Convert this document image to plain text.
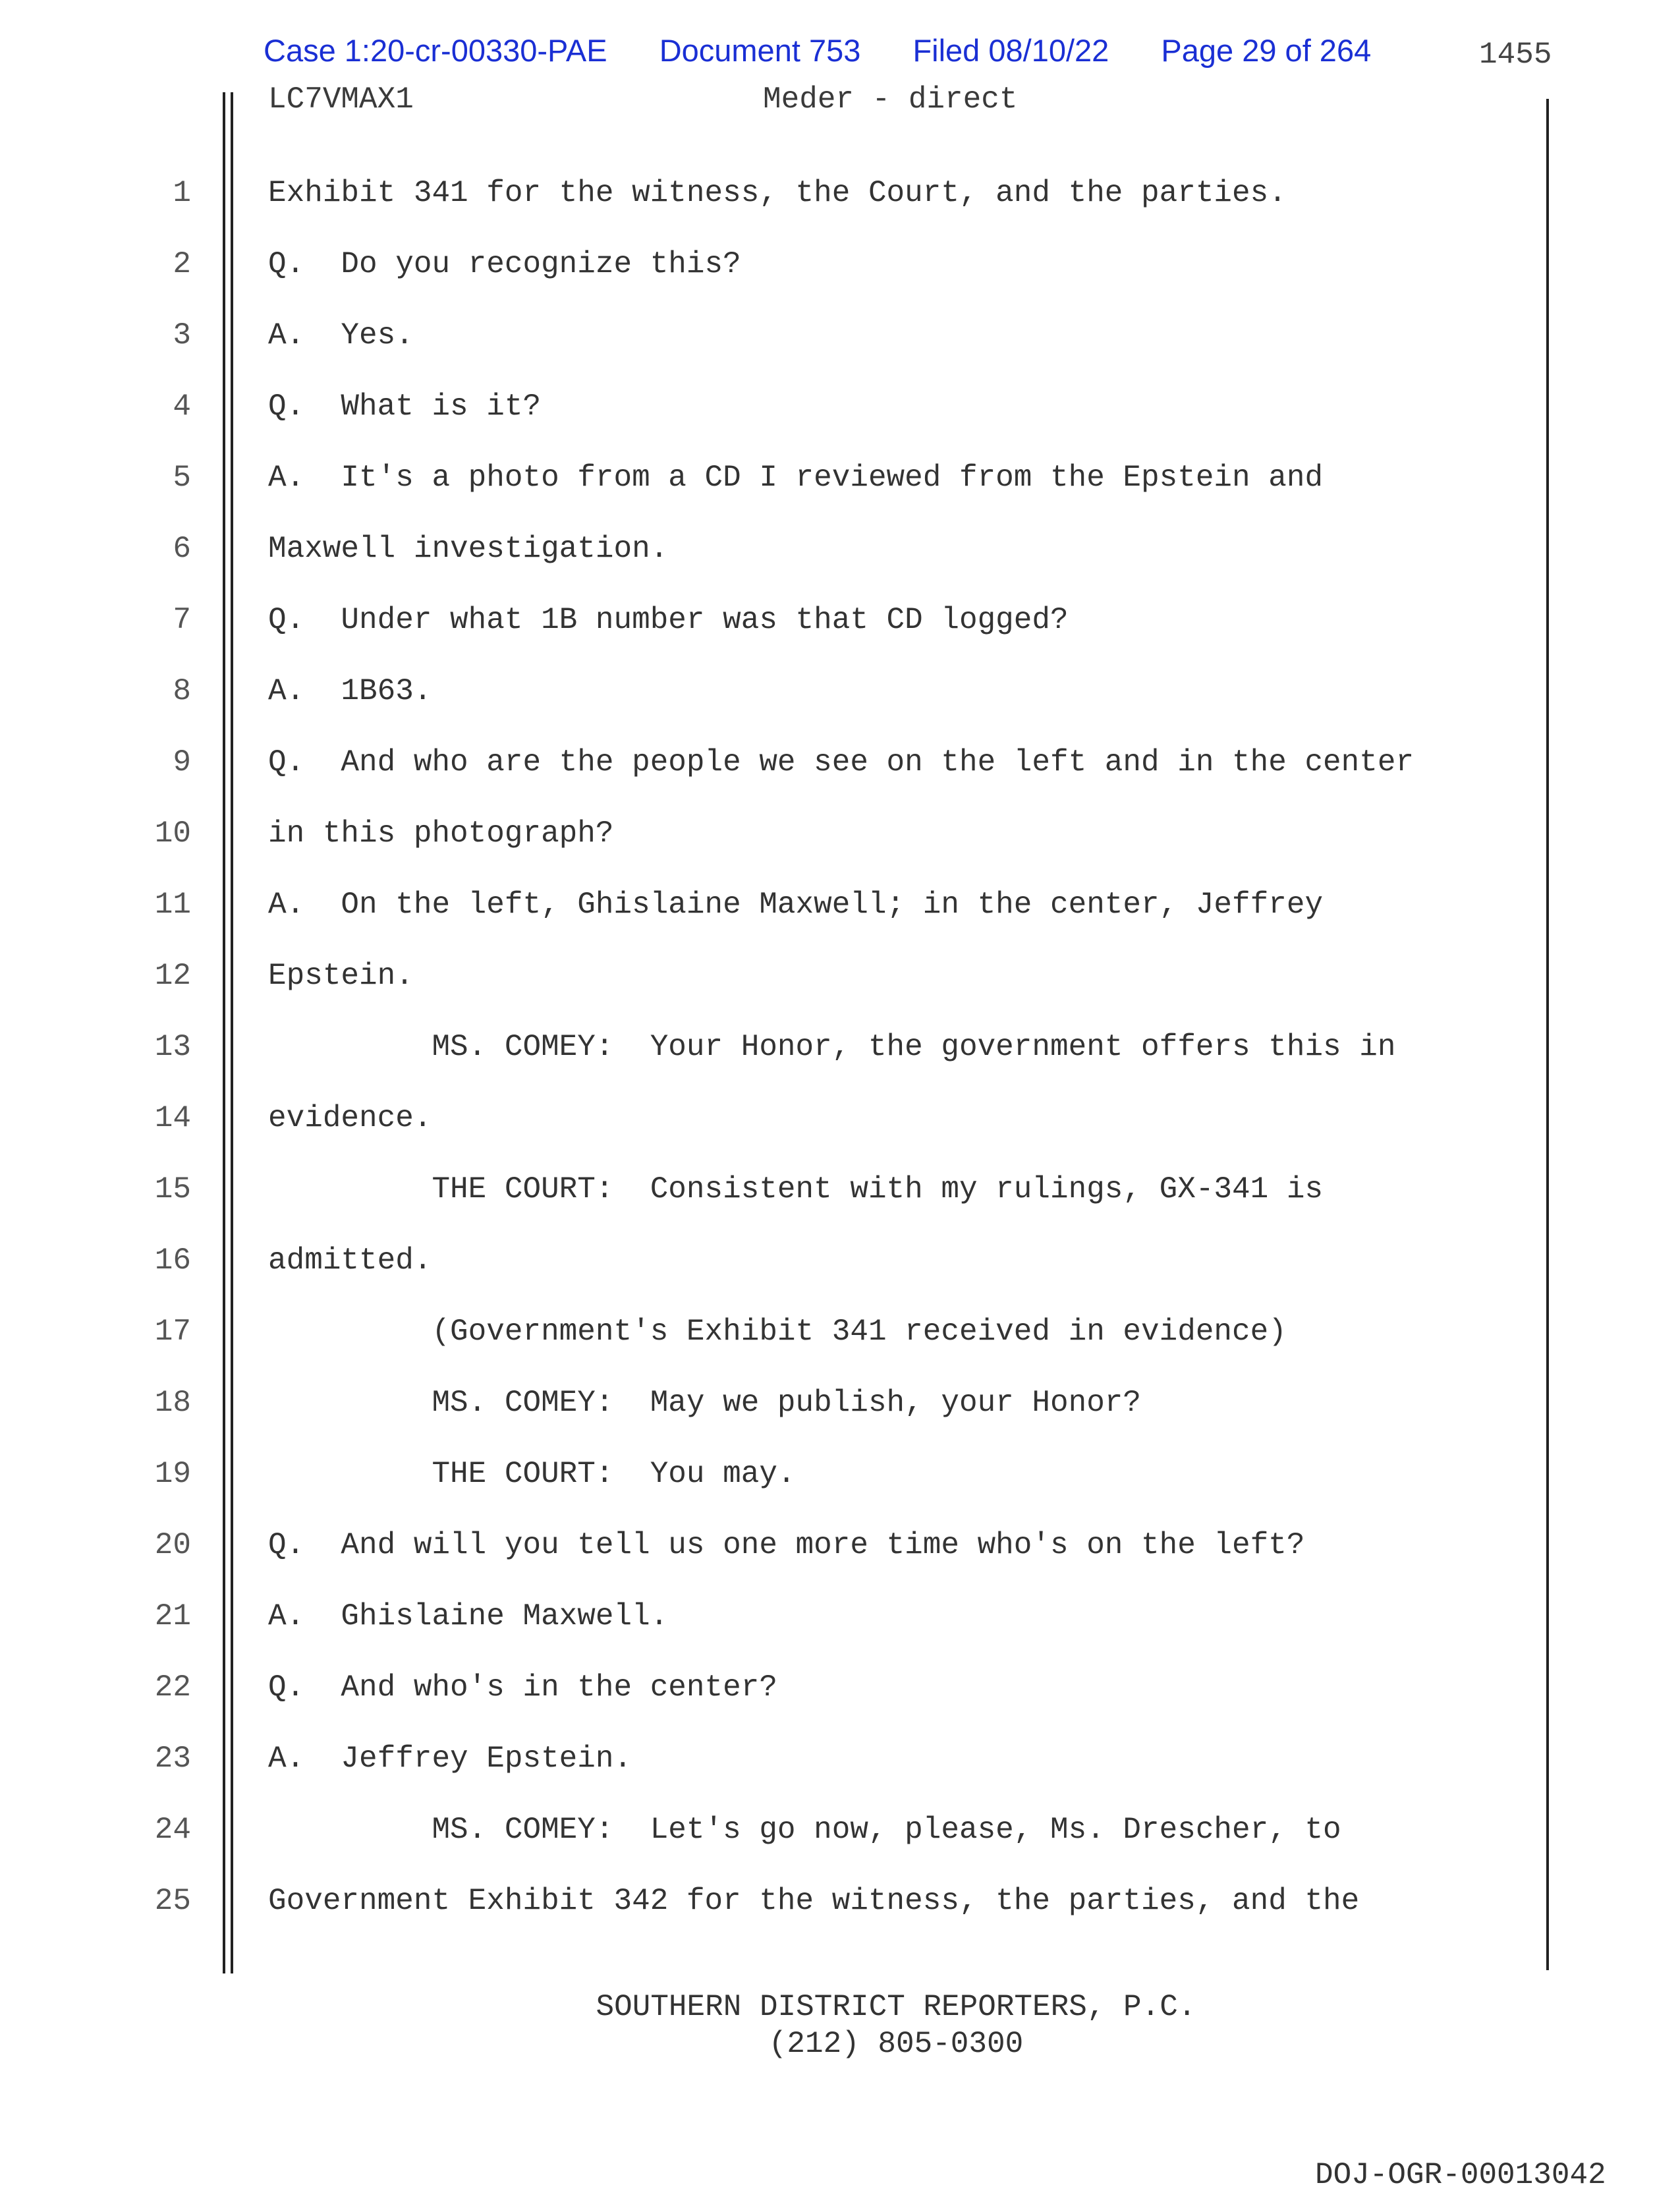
Case 1:20-cr-00330-PAE Document 753 Filed 08/10/22 Page 29 of 264	1455
LC7VMAX1	Meder - direct
1	Exhibit 341 for the witness, the Court, and the parties.
2	Q.  Do you recognize this?
3	A.  Yes.
4	Q.  What is it?
5	A.  It's a photo from a CD I reviewed from the Epstein and
6	Maxwell investigation.
7	Q.  Under what 1B number was that CD logged?
8	A.  1B63.
9	Q.  And who are the people we see on the left and in the center
10	in this photograph?
11	A.  On the left, Ghislaine Maxwell; in the center, Jeffrey
12	Epstein.
13	MS. COMEY:  Your Honor, the government offers this in
14	evidence.
15	THE COURT:  Consistent with my rulings, GX-341 is
16	admitted.
17	(Government's Exhibit 341 received in evidence)
18	MS. COMEY:  May we publish, your Honor?
19	THE COURT:  You may.
20	Q.  And will you tell us one more time who's on the left?
21	A.  Ghislaine Maxwell.
22	Q.  And who's in the center?
23	A.  Jeffrey Epstein.
24	MS. COMEY:  Let's go now, please, Ms. Drescher, to
25	Government Exhibit 342 for the witness, the parties, and the
SOUTHERN DISTRICT REPORTERS, P.C.
(212) 805-0300
DOJ-OGR-00013042
